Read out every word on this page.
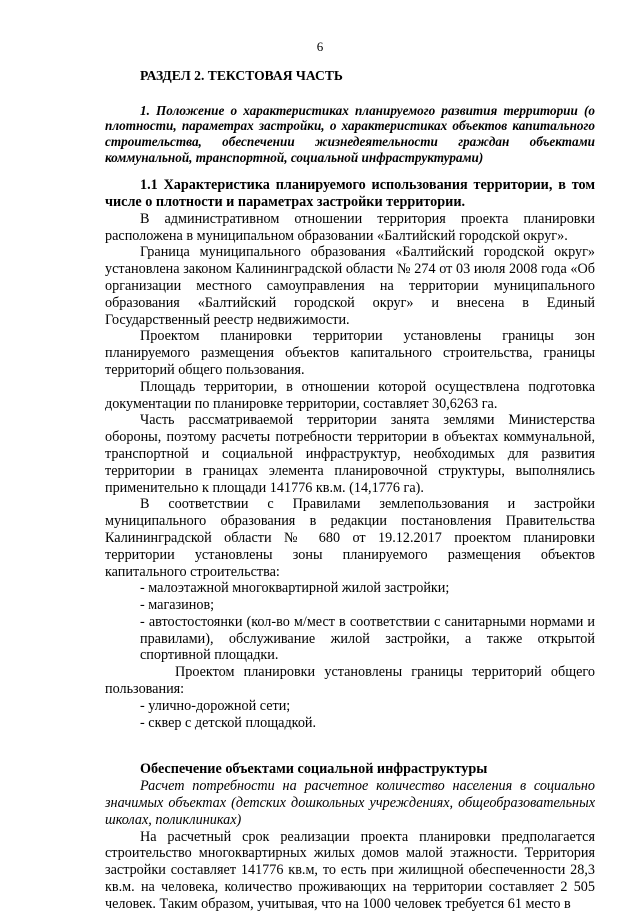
6

РАЗДЕЛ 2. ТЕКСТОВАЯ ЧАСТЬ

1. Положение о характеристиках планируемого развития территории (о плотности, параметрах застройки, о характеристиках объектов капитального строительства, обеспечении жизнедеятельности граждан объектами коммунальной, транспортной, социальной инфраструктурами)

1.1 Характеристика планируемого использования территории, в том числе о плотности и параметрах застройки территории.

В административном отношении территория проекта планировки расположена в муниципальном образовании «Балтийский городской округ».

Граница муниципального образования «Балтийский городской округ» установлена законом Калининградской области № 274 от 03 июля 2008 года «Об организации местного самоуправления на территории муниципального образования «Балтийский городской округ» и внесена в Единый Государственный реестр недвижимости.

Проектом планировки территории установлены границы зон планируемого размещения объектов капитального строительства, границы территорий общего пользования.

Площадь территории, в отношении которой осуществлена подготовка документации по планировке территории, составляет 30,6263 га.

Часть рассматриваемой территории занята землями Министерства обороны, поэтому расчеты потребности территории в объектах коммунальной, транспортной и социальной инфраструктур, необходимых для развития территории в границах элемента планировочной структуры, выполнялись применительно к площади 141776 кв.м. (14,1776 га).

В соответствии с Правилами землепользования и застройки муниципального образования в редакции постановления Правительства Калининградской области № 680 от 19.12.2017 проектом планировки территории установлены зоны планируемого размещения объектов капитального строительства:

- малоэтажной многоквартирной жилой застройки;

- магазинов;

- автостостоянки (кол-во м/мест в соответствии с санитарными нормами и правилами), обслуживание жилой застройки, а также открытой спортивной площадки.

Проектом планировки установлены границы территорий общего пользования:

- улично-дорожной сети;

- сквер с детской площадкой.

Обеспечение объектами социальной инфраструктуры

Расчет потребности на расчетное количество населения в социально значимых объектах (детских дошкольных учреждениях, общеобразовательных школах, поликлиниках)

На расчетный срок реализации проекта планировки предполагается строительство многоквартирных жилых домов малой этажности. Территория застройки составляет 141776 кв.м, то есть при жилищной обеспеченности 28,3 кв.м. на человека, количество проживающих на территории составляет 2 505 человек. Таким образом, учитывая, что на 1000 человек требуется 61 место в
